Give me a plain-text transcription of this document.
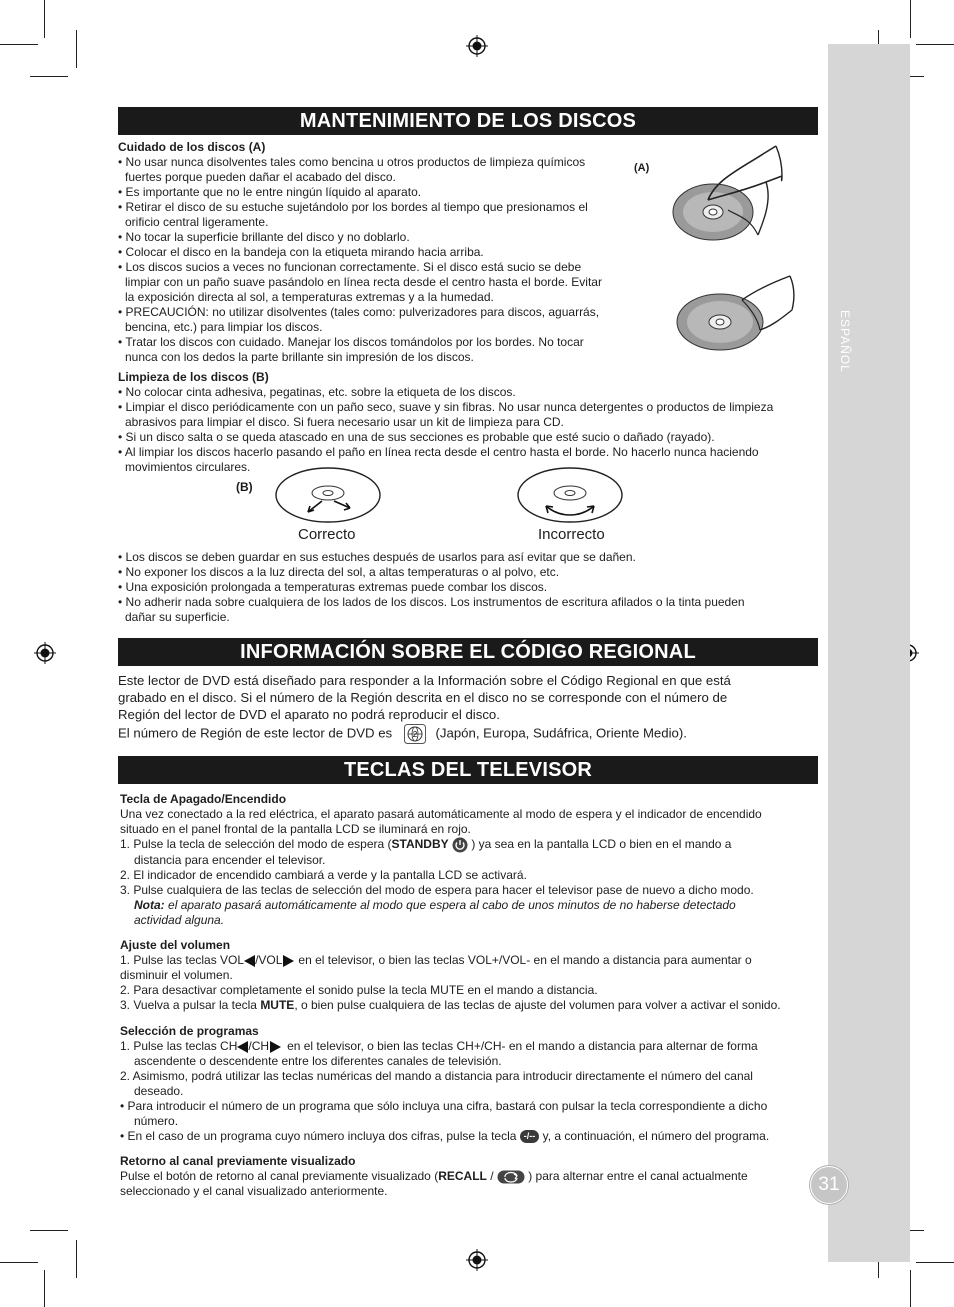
ESPAÑOL
31
MANTENIMIENTO DE LOS DISCOS
Cuidado de los discos (A)
• No usar nunca disolventes tales como bencina u otros productos de limpieza químicos
fuertes porque pueden dañar el acabado del disco.
• Es importante que no le entre ningún líquido al aparato.
• Retirar el disco de su estuche sujetándolo por los bordes al tiempo que presionamos el
orificio central ligeramente.
• No tocar la superficie brillante del disco y no doblarlo.
• Colocar el disco en la bandeja con la etiqueta mirando hacia arriba.
• Los discos sucios a veces no funcionan correctamente. Si el disco está sucio se debe
limpiar con un paño suave pasándolo en línea recta desde el centro hasta el borde. Evitar
la exposición directa al sol, a temperaturas extremas y a la humedad.
• PRECAUCIÓN: no utilizar disolventes (tales como: pulverizadores para discos, aguarrás,
bencina, etc.) para limpiar los discos.
• Tratar los discos con cuidado. Manejar los discos tomándolos por los bordes. No tocar
nunca con los dedos la parte brillante sin impresión de los discos.
(A)
Limpieza de los discos (B)
• No colocar cinta adhesiva, pegatinas, etc. sobre la etiqueta de los discos.
• Limpiar el disco periódicamente con un paño seco, suave y sin fibras. No usar nunca detergentes o productos de limpieza
abrasivos para limpiar el disco. Si fuera necesario usar un kit de limpieza para CD.
• Si un disco salta o se queda atascado en una de sus secciones es probable que esté sucio o dañado (rayado).
• Al limpiar los discos hacerlo pasando el paño en línea recta desde el centro hasta el borde. No hacerlo nunca haciendo
movimientos circulares.
(B)
Correcto	Incorrecto
• Los discos se deben guardar en sus estuches después de usarlos para así evitar que se dañen.
• No exponer los discos a la luz directa del sol, a altas temperaturas o al polvo, etc.
• Una exposición prolongada a temperaturas extremas puede combar los discos.
• No adherir nada sobre cualquiera de los lados de los discos. Los instrumentos de escritura afilados o la tinta pueden
dañar su superficie.
INFORMACIÓN SOBRE EL CÓDIGO REGIONAL
Este lector de DVD está diseñado para responder a la Información sobre el Código Regional en que está
grabado en el disco. Si el número de la Región descrita en el disco no se corresponde con el número de
Región del lector de DVD el aparato no podrá reproducir el disco.
El número de Región de este lector de DVD es	2 (Japón, Europa, Sudáfrica, Oriente Medio).
TECLAS DEL TELEVISOR
Tecla de Apagado/Encendido
Una vez conectado a la red eléctrica, el aparato pasará automáticamente al modo de espera y el indicador de encendido
situado en el panel frontal de la pantalla LCD se iluminará en rojo.
1. Pulse la tecla de selección del modo de espera (STANDBY ) ya sea en la pantalla LCD o bien en el mando a
distancia para encender el televisor.
2. El indicador de encendido cambiará a verde y la pantalla LCD se activará.
3. Pulse cualquiera de las teclas de selección del modo de espera para hacer el televisor pase de nuevo a dicho modo.
Nota: el aparato pasará automáticamente al modo que espera al cabo de unos minutos de no haberse detectado
actividad alguna.
Ajuste del volumen
1. Pulse las teclas VOL /VOL en el televisor, o bien las teclas VOL+/VOL- en el mando a distancia para aumentar o
disminuir el volumen.
2. Para desactivar completamente el sonido pulse la tecla MUTE en el mando a distancia.
3. Vuelva a pulsar la tecla MUTE, o bien pulse cualquiera de las teclas de ajuste del volumen para volver a activar el sonido.
Selección de programas
1. Pulse las teclas CH /CH en el televisor, o bien las teclas CH+/CH- en el mando a distancia para alternar de forma
ascendente o descendente entre los diferentes canales de televisión.
2. Asimismo, podrá utilizar las teclas numéricas del mando a distancia para introducir directamente el número del canal
deseado.
• Para introducir el número de un programa que sólo incluya una cifra, bastará con pulsar la tecla correspondiente a dicho
número.
• En el caso de un programa cuyo número incluya dos cifras, pulse la tecla -/-- y, a continuación, el número del programa.
Retorno al canal previamente visualizado
Pulse el botón de retorno al canal previamente visualizado (RECALL /	) para alternar entre el canal actualmente
seleccionado y el canal visualizado anteriormente.
